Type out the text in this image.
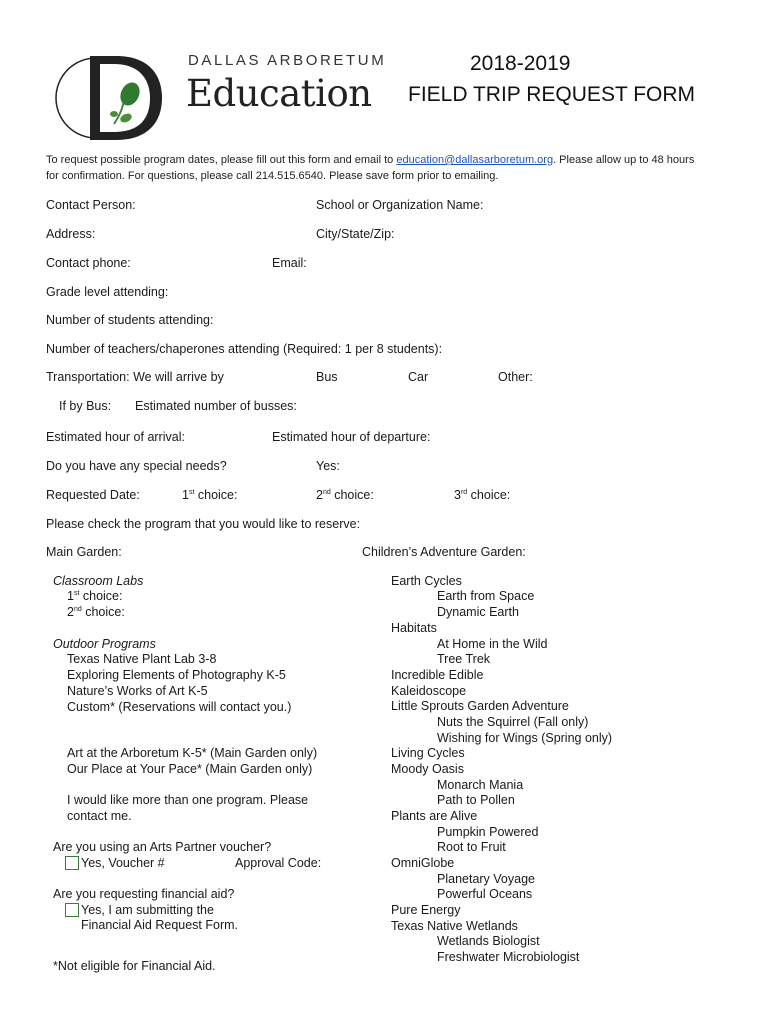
DALLAS ARBORETUM
Education
2018-2019
FIELD TRIP REQUEST FORM
To request possible program dates, please fill out this form and email to education@dallasarboretum.org. Please allow up to 48 hours for confirmation. For questions, please call 214.515.6540. Please save form prior to emailing.
Contact Person:	School or Organization Name:
Address:	City/State/Zip:
Contact phone:	Email:
Grade level attending:
Number of students attending:
Number of teachers/chaperones attending (Required: 1 per 8 students):
Transportation: We will arrive by	Bus	Car	Other:
If by Bus: Estimated number of busses:
Estimated hour of arrival:	Estimated hour of departure:
Do you have any special needs?	Yes:
Requested Date:	1st choice:	2nd choice:	3rd choice:
Please check the program that you would like to reserve:
Main Garden:
Classroom Labs
1st choice:
2nd choice:
Outdoor Programs
Texas Native Plant Lab 3-8
Exploring Elements of Photography K-5
Nature’s Works of Art K-5
Custom* (Reservations will contact you.)
Art at the Arboretum K-5* (Main Garden only)
Our Place at Your Pace* (Main Garden only)
I would like more than one program. Please
contact me.
Are you using an Arts Partner voucher?
Yes, Voucher #	Approval Code:
Are you requesting financial aid?
Yes, I am submitting the
Financial Aid Request Form.
*Not eligible for Financial Aid.
Children’s Adventure Garden:
Earth Cycles
Earth from Space
Dynamic Earth
Habitats
At Home in the Wild
Tree Trek
Incredible Edible
Kaleidoscope
Little Sprouts Garden Adventure
Nuts the Squirrel (Fall only)
Wishing for Wings (Spring only)
Living Cycles
Moody Oasis
Monarch Mania
Path to Pollen
Plants are Alive
Pumpkin Powered
Root to Fruit
OmniGlobe
Planetary Voyage
Powerful Oceans
Pure Energy
Texas Native Wetlands
Wetlands Biologist
Freshwater Microbiologist
